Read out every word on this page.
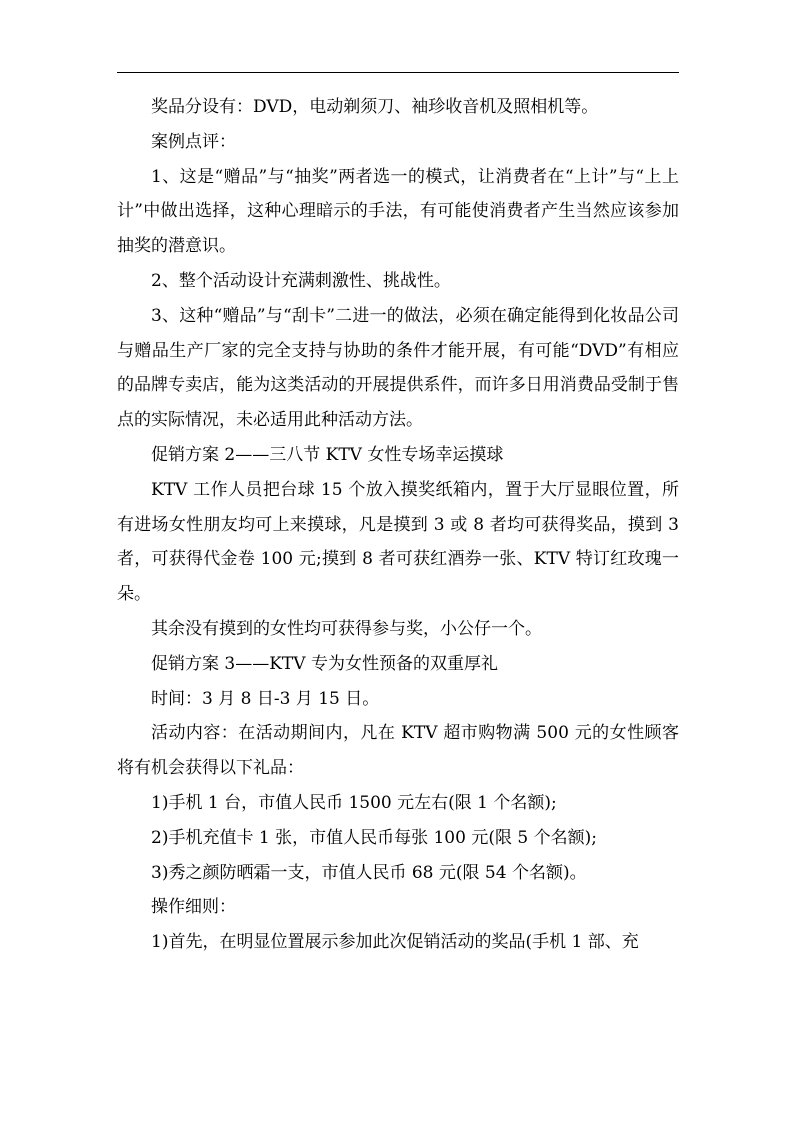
奖品分设有：DVD，电动剃须刀、袖珍收音机及照相机等。

案例点评：

1、这是“赠品”与“抽奖”两者选一的模式，让消费者在“上计”与“上上计”中做出选择，这种心理暗示的手法，有可能使消费者产生当然应该参加抽奖的潜意识。

2、整个活动设计充满刺激性、挑战性。

3、这种“赠品”与“刮卡”二进一的做法，必须在确定能得到化妆品公司与赠品生产厂家的完全支持与协助的条件才能开展，有可能“DVD”有相应的品牌专卖店，能为这类活动的开展提供系件，而许多日用消费品受制于售点的实际情况，未必适用此种活动方法。

促销方案 2——三八节 KTV 女性专场幸运摸球

KTV 工作人员把台球 15 个放入摸奖纸箱内，置于大厅显眼位置，所有进场女性朋友均可上来摸球，凡是摸到 3 或 8 者均可获得奖品，摸到 3 者，可获得代金卷 100 元;摸到 8 者可获红酒券一张、KTV 特订红玫瑰一朵。

其余没有摸到的女性均可获得参与奖，小公仔一个。

促销方案 3——KTV 专为女性预备的双重厚礼

时间：3 月 8 日-3 月 15 日。

活动内容：在活动期间内，凡在 KTV 超市购物满 500 元的女性顾客将有机会获得以下礼品：

1)手机 1 台，市值人民币 1500 元左右(限 1 个名额);

2)手机充值卡 1 张，市值人民币每张 100 元(限 5 个名额);

3)秀之颜防晒霜一支，市值人民币 68 元(限 54 个名额)。

操作细则：

1)首先，在明显位置展示参加此次促销活动的奖品(手机 1 部、充
